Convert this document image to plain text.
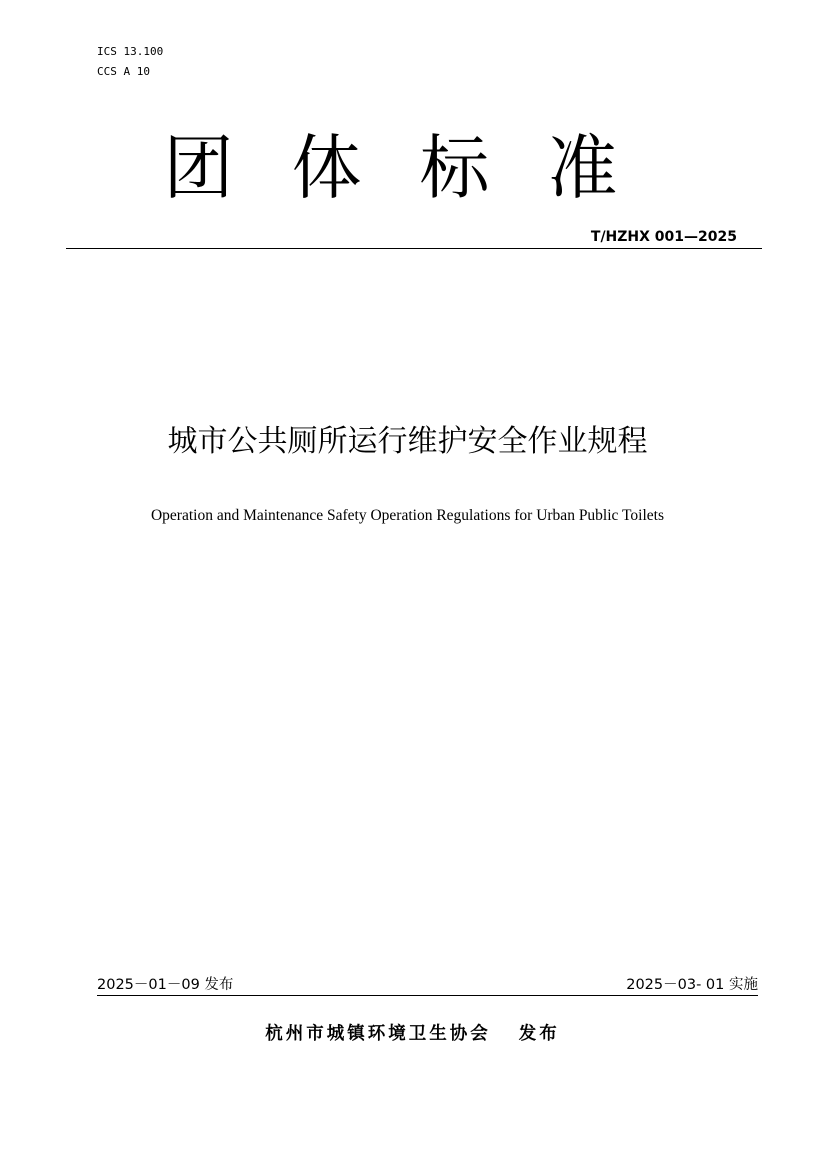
ICS 13.100
CCS A 10
团体标准
T/HZHX 001—2025
城市公共厕所运行维护安全作业规程
Operation and Maintenance Safety Operation Regulations for Urban Public Toilets
2025－01－09 发布	2025－03- 01 实施
杭州市城镇环境卫生协会 发布
